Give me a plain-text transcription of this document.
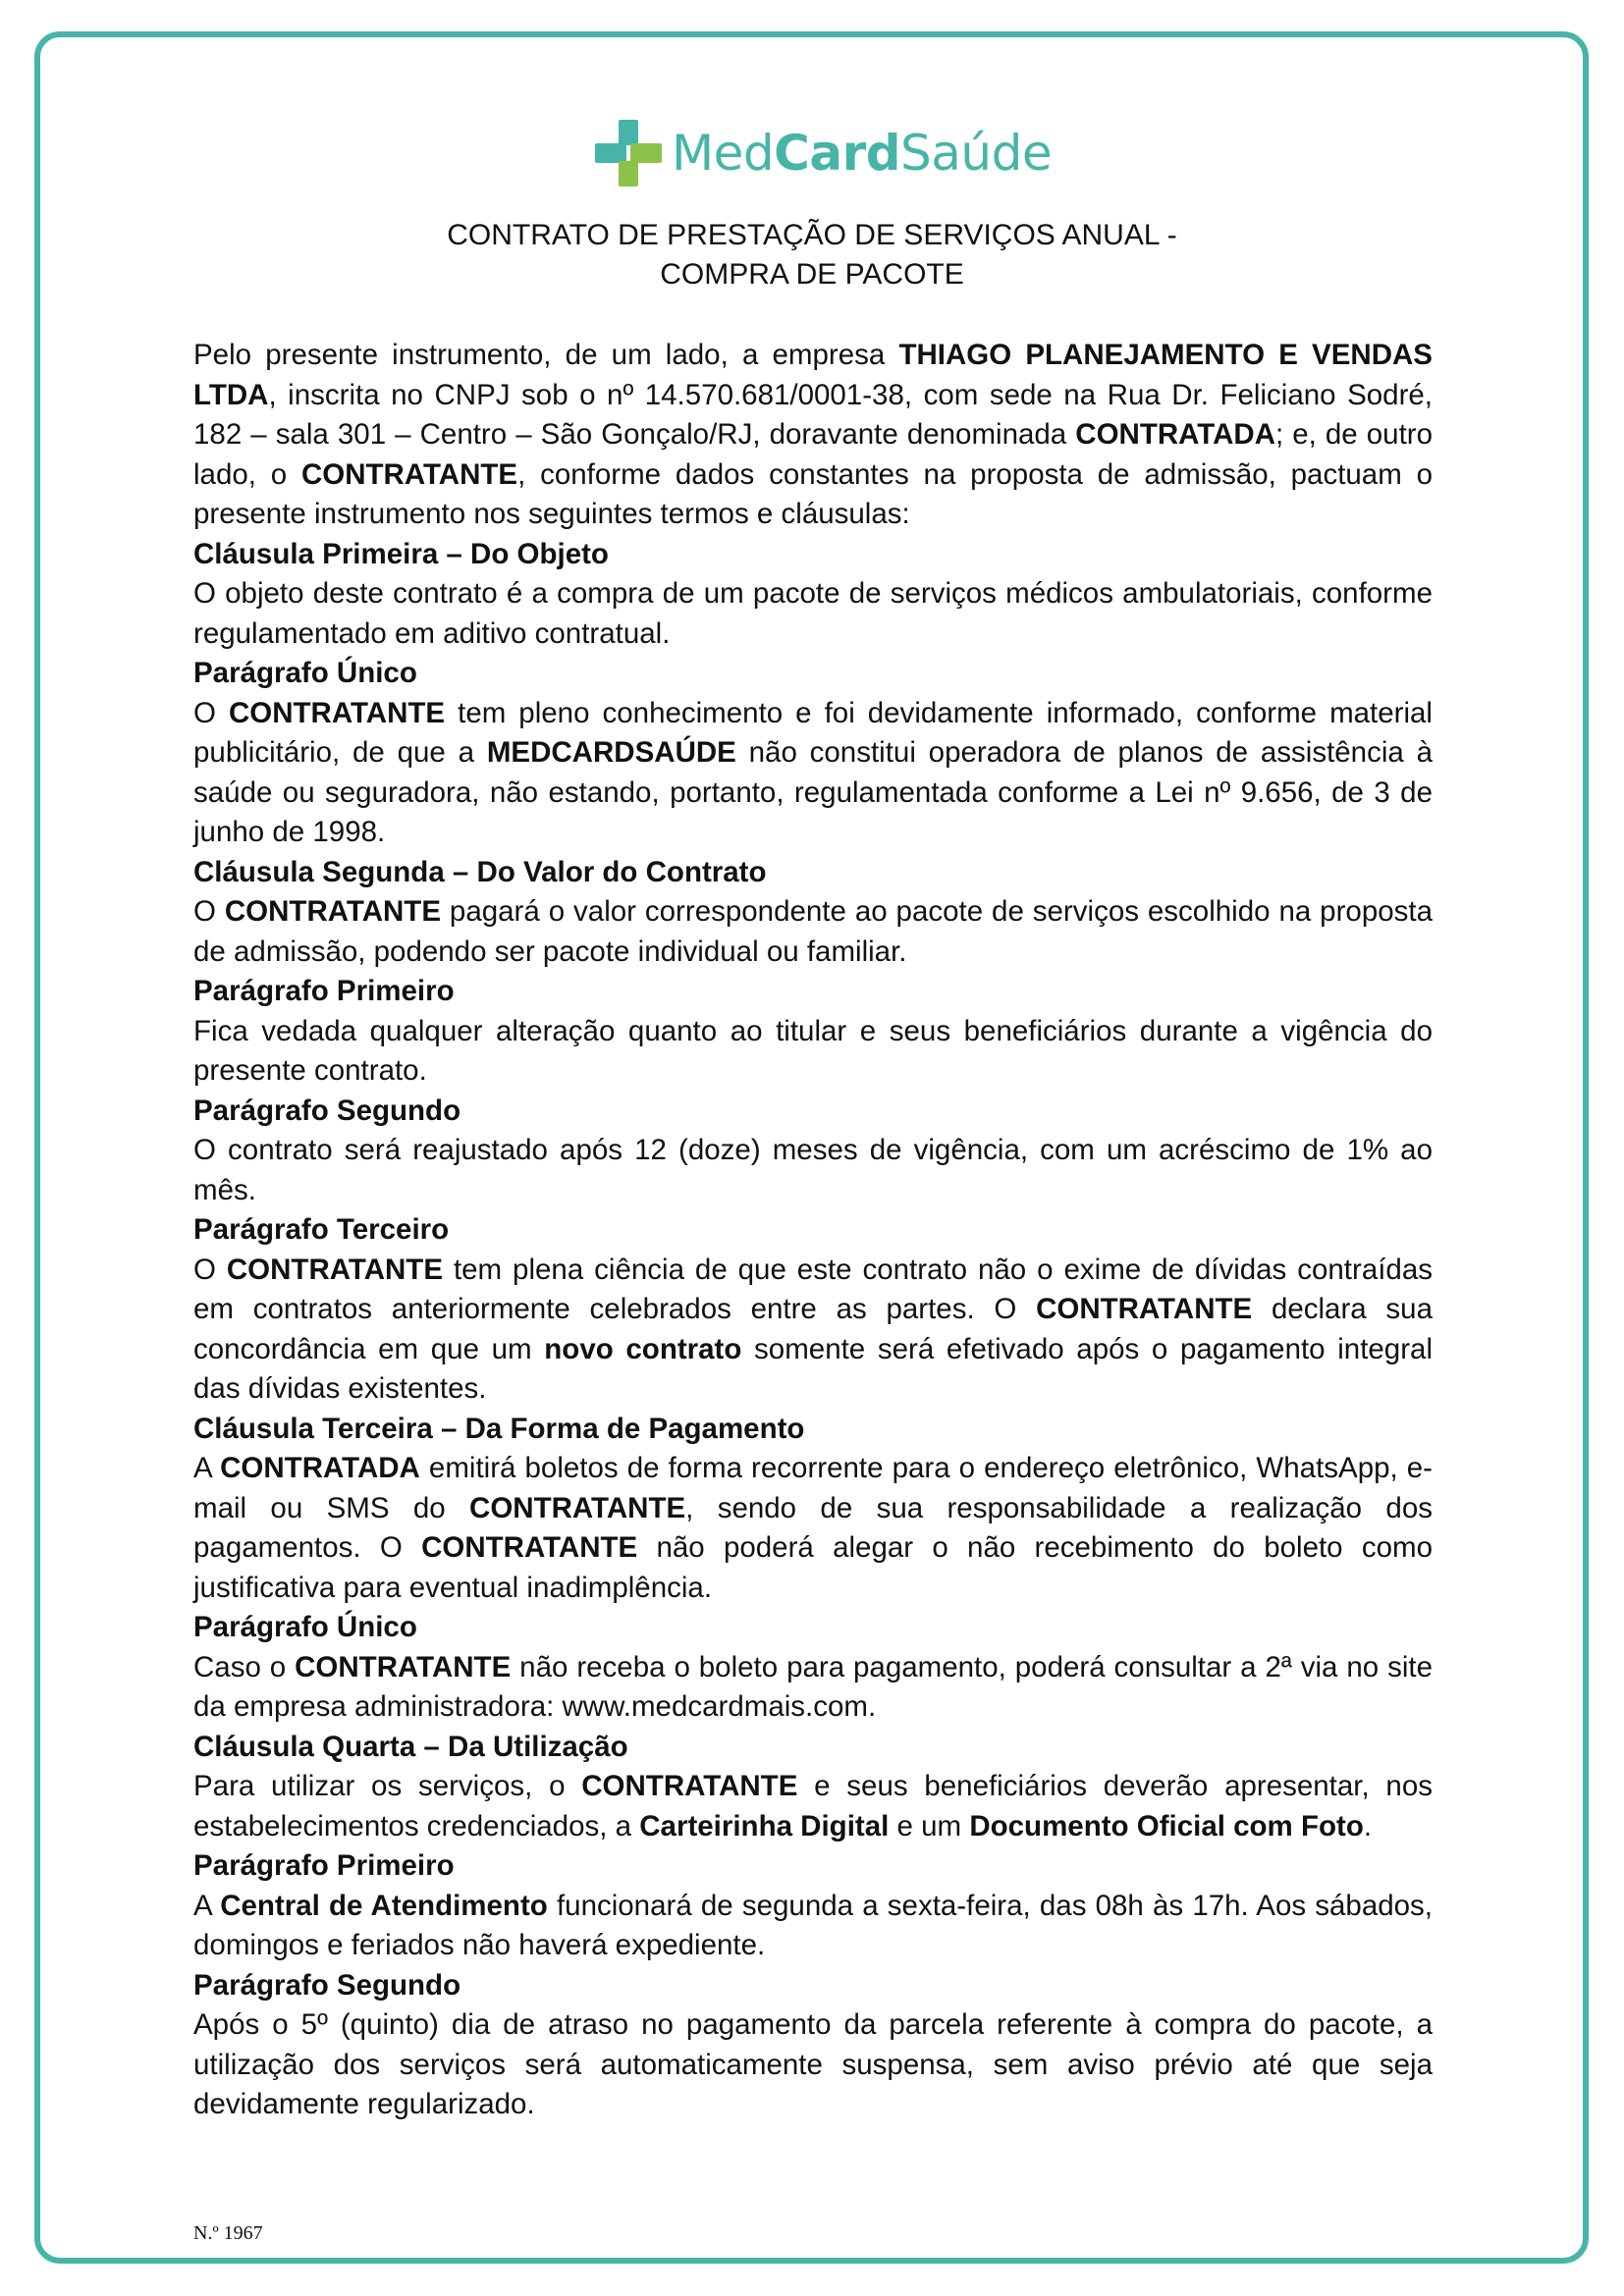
MedCardSaúde
CONTRATO DE PRESTAÇÃO DE SERVIÇOS ANUAL -
COMPRA DE PACOTE

Pelo presente instrumento, de um lado, a empresa THIAGO PLANEJAMENTO E VENDAS LTDA, inscrita no CNPJ sob o nº 14.570.681/0001-38, com sede na Rua Dr. Feliciano Sodré, 182 – sala 301 – Centro – São Gonçalo/RJ, doravante denominada CONTRATADA; e, de outro lado, o CONTRATANTE, conforme dados constantes na proposta de admissão, pactuam o presente instrumento nos seguintes termos e cláusulas:

Cláusula Primeira – Do Objeto

O objeto deste contrato é a compra de um pacote de serviços médicos ambulatoriais, conforme regulamentado em aditivo contratual.

Parágrafo Único

O CONTRATANTE tem pleno conhecimento e foi devidamente informado, conforme material publicitário, de que a MEDCARDSAÚDE não constitui operadora de planos de assistência à saúde ou seguradora, não estando, portanto, regulamentada conforme a Lei nº 9.656, de 3 de junho de 1998.

Cláusula Segunda – Do Valor do Contrato

O CONTRATANTE pagará o valor correspondente ao pacote de serviços escolhido na proposta de admissão, podendo ser pacote individual ou familiar.

Parágrafo Primeiro

Fica vedada qualquer alteração quanto ao titular e seus beneficiários durante a vigência do presente contrato.

Parágrafo Segundo

O contrato será reajustado após 12 (doze) meses de vigência, com um acréscimo de 1% ao mês.

Parágrafo Terceiro

O CONTRATANTE tem plena ciência de que este contrato não o exime de dívidas contraídas em contratos anteriormente celebrados entre as partes. O CONTRATANTE declara sua concordância em que um novo contrato somente será efetivado após o pagamento integral das dívidas existentes.

Cláusula Terceira – Da Forma de Pagamento

A CONTRATADA emitirá boletos de forma recorrente para o endereço eletrônico, WhatsApp, e-mail ou SMS do CONTRATANTE, sendo de sua responsabilidade a realização dos pagamentos. O CONTRATANTE não poderá alegar o não recebimento do boleto como justificativa para eventual inadimplência.

Parágrafo Único

Caso o CONTRATANTE não receba o boleto para pagamento, poderá consultar a 2ª via no site da empresa administradora: www.medcardmais.com.

Cláusula Quarta – Da Utilização

Para utilizar os serviços, o CONTRATANTE e seus beneficiários deverão apresentar, nos estabelecimentos credenciados, a Carteirinha Digital e um Documento Oficial com Foto.

Parágrafo Primeiro

A Central de Atendimento funcionará de segunda a sexta-feira, das 08h às 17h. Aos sábados, domingos e feriados não haverá expediente.

Parágrafo Segundo

Após o 5º (quinto) dia de atraso no pagamento da parcela referente à compra do pacote, a utilização dos serviços será automaticamente suspensa, sem aviso prévio até que seja devidamente regularizado.

N.º 1967
